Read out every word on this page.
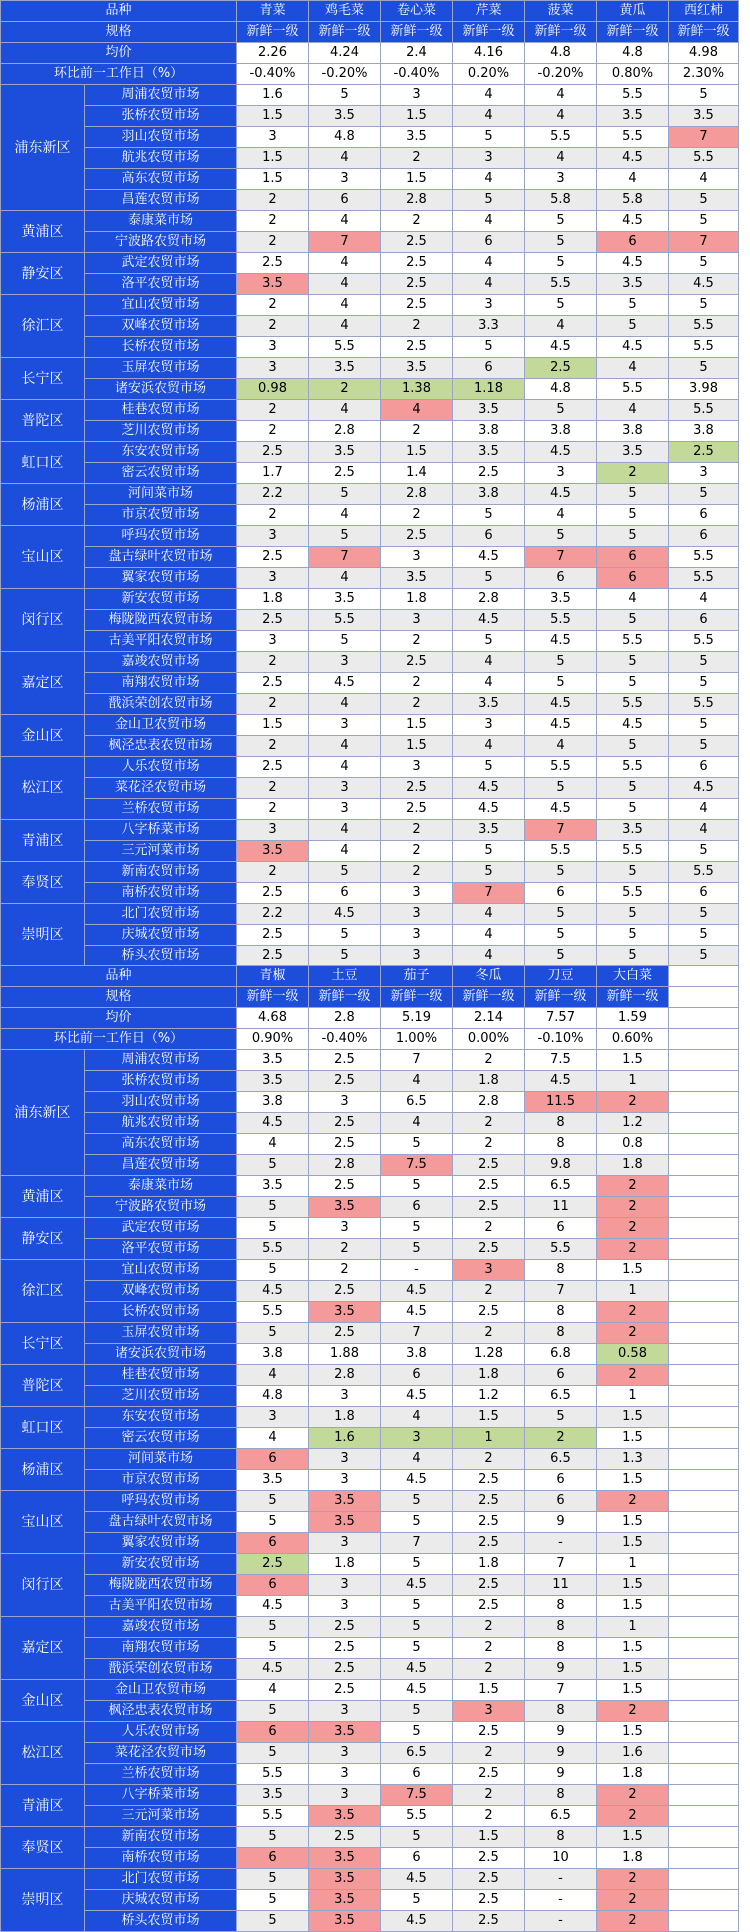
品种		青菜	鸡毛菜	卷心菜	芹菜	菠菜	黄瓜	西红柿
规格		新鲜一级	新鲜一级	新鲜一级	新鲜一级	新鲜一级	新鲜一级	新鲜一级
均价		2.26	4.24	2.4	4.16	4.8	4.8	4.98
环比前一工作日（%）		-0.40%	-0.20%	-0.40%	0.20%	-0.20%	0.80%	2.30%
浦东新区	周浦农贸市场	1.6	5	3	4	4	5.5	5
	张桥农贸市场	1.5	3.5	1.5	4	4	3.5	3.5
	羽山农贸市场	3	4.8	3.5	5	5.5	5.5	7
	航兆农贸市场	1.5	4	2	3	4	4.5	5.5
	高东农贸市场	1.5	3	1.5	4	3	4	4
	昌莲农贸市场	2	6	2.8	5	5.8	5.8	5
黄浦区	泰康菜市场	2	4	2	4	5	4.5	5
	宁波路农贸市场	2	7	2.5	6	5	6	7
静安区	武定农贸市场	2.5	4	2.5	4	5	4.5	5
	洛平农贸市场	3.5	4	2.5	4	5.5	3.5	4.5
徐汇区	宜山农贸市场	2	4	2.5	3	5	5	5
	双峰农贸市场	2	4	2	3.3	4	5	5.5
	长桥农贸市场	3	5.5	2.5	5	4.5	4.5	5.5
长宁区	玉屏农贸市场	3	3.5	3.5	6	2.5	4	5
	诸安浜农贸市场	0.98	2	1.38	1.18	4.8	5.5	3.98
普陀区	桂巷农贸市场	2	4	4	3.5	5	4	5.5
	芝川农贸市场	2	2.8	2	3.8	3.8	3.8	3.8
虹口区	东安农贸市场	2.5	3.5	1.5	3.5	4.5	3.5	2.5
	密云农贸市场	1.7	2.5	1.4	2.5	3	2	3
杨浦区	河间菜市场	2.2	5	2.8	3.8	4.5	5	5
	市京农贸市场	2	4	2	5	4	5	6
宝山区	呼玛农贸市场	3	5	2.5	6	5	5	6
	盘古绿叶农贸市场	2.5	7	3	4.5	7	6	5.5
	翼家农贸市场	3	4	3.5	5	6	6	5.5
闵行区	新安农贸市场	1.8	3.5	1.8	2.8	3.5	4	4
	梅陇陇西农贸市场	2.5	5.5	3	4.5	5.5	5	6
	古美平阳农贸市场	3	5	2	5	4.5	5.5	5.5
嘉定区	嘉竣农贸市场	2	3	2.5	4	5	5	5
	南翔农贸市场	2.5	4.5	2	4	5	5	5
	戬浜荣创农贸市场	2	4	2	3.5	4.5	5.5	5.5
金山区	金山卫农贸市场	1.5	3	1.5	3	4.5	4.5	5
	枫泾忠表农贸市场	2	4	1.5	4	4	5	5
松江区	人乐农贸市场	2.5	4	3	5	5.5	5.5	6
	菜花泾农贸市场	2	3	2.5	4.5	5	5	4.5
	兰桥农贸市场	2	3	2.5	4.5	4.5	5	4
青浦区	八字桥菜市场	3	4	2	3.5	7	3.5	4
	三元河菜市场	3.5	4	2	5	5.5	5.5	5
奉贤区	新南农贸市场	2	5	2	5	5	5	5.5
	南桥农贸市场	2.5	6	3	7	6	5.5	6
崇明区	北门农贸市场	2.2	4.5	3	4	5	5	5
	庆城农贸市场	2.5	5	3	4	5	5	5
	桥头农贸市场	2.5	5	3	4	5	5	5
品种		青椒	土豆	茄子	冬瓜	刀豆	大白菜	
规格		新鲜一级	新鲜一级	新鲜一级	新鲜一级	新鲜一级	新鲜一级	
均价		4.68	2.8	5.19	2.14	7.57	1.59	
环比前一工作日（%）		0.90%	-0.40%	1.00%	0.00%	-0.10%	0.60%	
浦东新区	周浦农贸市场	3.5	2.5	7	2	7.5	1.5	
	张桥农贸市场	3.5	2.5	4	1.8	4.5	1	
	羽山农贸市场	3.8	3	6.5	2.8	11.5	2	
	航兆农贸市场	4.5	2.5	4	2	8	1.2	
	高东农贸市场	4	2.5	5	2	8	0.8	
	昌莲农贸市场	5	2.8	7.5	2.5	9.8	1.8	
黄浦区	泰康菜市场	3.5	2.5	5	2.5	6.5	2	
	宁波路农贸市场	5	3.5	6	2.5	11	2	
静安区	武定农贸市场	5	3	5	2	6	2	
	洛平农贸市场	5.5	2	5	2.5	5.5	2	
徐汇区	宜山农贸市场	5	2	-	3	8	1.5	
	双峰农贸市场	4.5	2.5	4.5	2	7	1	
	长桥农贸市场	5.5	3.5	4.5	2.5	8	2	
长宁区	玉屏农贸市场	5	2.5	7	2	8	2	
	诸安浜农贸市场	3.8	1.88	3.8	1.28	6.8	0.58	
普陀区	桂巷农贸市场	4	2.8	6	1.8	6	2	
	芝川农贸市场	4.8	3	4.5	1.2	6.5	1	
虹口区	东安农贸市场	3	1.8	4	1.5	5	1.5	
	密云农贸市场	4	1.6	3	1	2	1.5	
杨浦区	河间菜市场	6	3	4	2	6.5	1.3	
	市京农贸市场	3.5	3	4.5	2.5	6	1.5	
宝山区	呼玛农贸市场	5	3.5	5	2.5	6	2	
	盘古绿叶农贸市场	5	3.5	5	2.5	9	1.5	
	翼家农贸市场	6	3	7	2.5	-	1.5	
闵行区	新安农贸市场	2.5	1.8	5	1.8	7	1	
	梅陇陇西农贸市场	6	3	4.5	2.5	11	1.5	
	古美平阳农贸市场	4.5	3	5	2.5	8	1.5	
嘉定区	嘉竣农贸市场	5	2.5	5	2	8	1	
	南翔农贸市场	5	2.5	5	2	8	1.5	
	戬浜荣创农贸市场	4.5	2.5	4.5	2	9	1.5	
金山区	金山卫农贸市场	4	2.5	4.5	1.5	7	1.5	
	枫泾忠表农贸市场	5	3	5	3	8	2	
松江区	人乐农贸市场	6	3.5	5	2.5	9	1.5	
	菜花泾农贸市场	5	3	6.5	2	9	1.6	
	兰桥农贸市场	5.5	3	6	2.5	9	1.8	
青浦区	八字桥菜市场	3.5	3	7.5	2	8	2	
	三元河菜市场	5.5	3.5	5.5	2	6.5	2	
奉贤区	新南农贸市场	5	2.5	5	1.5	8	1.5	
	南桥农贸市场	6	3.5	6	2.5	10	1.8	
崇明区	北门农贸市场	5	3.5	4.5	2.5	-	2	
	庆城农贸市场	5	3.5	5	2.5	-	2	
	桥头农贸市场	5	3.5	4.5	2.5	-	2	
